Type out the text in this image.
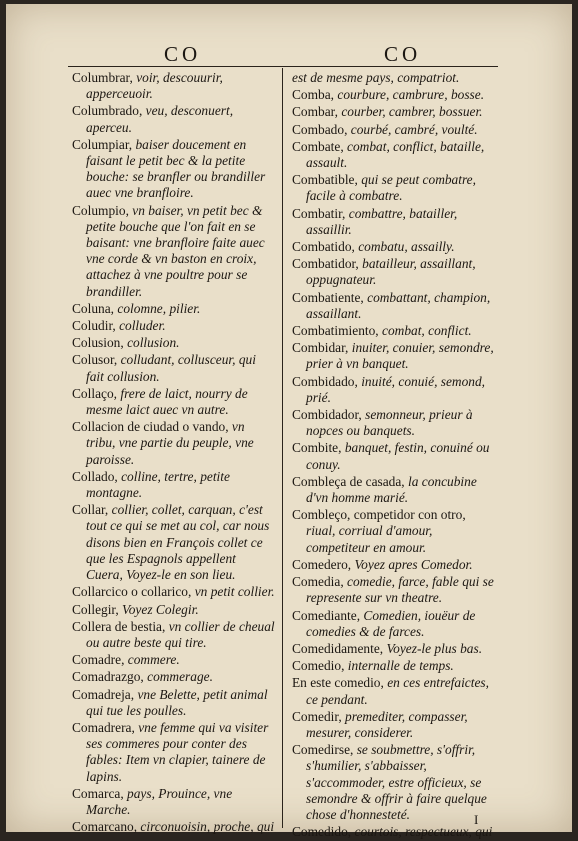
CO	CO
Columbrar, voir, descouurir, apperceuoir.
Columbrado, veu, desconuert, aperceu.
Columpiar, baiser doucement en faisant le petit bec & la petite bouche: se branfler ou brandiller auec vne branfloire.
Columpio, vn baiser, vn petit bec & petite bouche que l'on fait en se baisant: vne branfloire faite auec vne corde & vn baston en croix, attachez à vne poultre pour se brandiller.
Coluna, colomne, pilier.
Coludir, colluder.
Colusion, collusion.
Colusor, colludant, collusceur, qui fait collusion.
Collaço, frere de laict, nourry de mesme laict auec vn autre.
Collacion de ciudad o vando, vn tribu, vne partie du peuple, vne paroisse.
Collado, colline, tertre, petite montagne.
Collar, collier, collet, carquan, c'est tout ce qui se met au col, car nous disons bien en François collet ce que les Espagnols appellent Cuera, Voyez-le en son lieu.
Collarcico o collarico, vn petit collier.
Collegir, Voyez Colegir.
Collera de bestia, vn collier de cheual ou autre beste qui tire.
Comadre, commere.
Comadrazgo, commerage.
Comadreja, vne Belette, petit animal qui tue les poulles.
Comadrera, vne femme qui va visiter ses commeres pour conter des fables: Item vn clapier, tainere de lapins.
Comarca, pays, Prouince, vne Marche.
Comarcano, circonuoisin, proche, qui
est de mesme pays, compatriot.
Comba, courbure, cambrure, bosse.
Combar, courber, cambrer, bossuer.
Combado, courbé, cambré, voulté.
Combate, combat, conflict, bataille, assault.
Combatible, qui se peut combatre, facile à combatre.
Combatir, combattre, batailler, assaillir.
Combatido, combatu, assailly.
Combatidor, batailleur, assaillant, oppugnateur.
Combatiente, combattant, champion, assaillant.
Combatimiento, combat, conflict.
Combidar, inuiter, conuier, semondre, prier à vn banquet.
Combidado, inuité, conuié, semond, prié.
Combidador, semonneur, prieur à nopces ou banquets.
Combite, banquet, festin, conuiné ou conuy.
Combleça de casada, la concubine d'vn homme marié.
Combleço, competidor con otro, riual, corriual d'amour, competiteur en amour.
Comedero, Voyez apres Comedor.
Comedia, comedie, farce, fable qui se represente sur vn theatre.
Comediante, Comedien, iouëur de comedies & de farces.
Comedidamente, Voyez-le plus bas.
Comedio, internalle de temps.
En este comedio, en ces entrefaictes, ce pendant.
Comedir, premediter, compasser, mesurer, considerer.
Comedirse, se soubmettre, s'offrir, s'humilier, s'abbaisser, s'accommoder, estre officieux, se semondre & offrir à faire quelque chose d'honnesteté.
Comedido, courtois, respectueux, qui
I
